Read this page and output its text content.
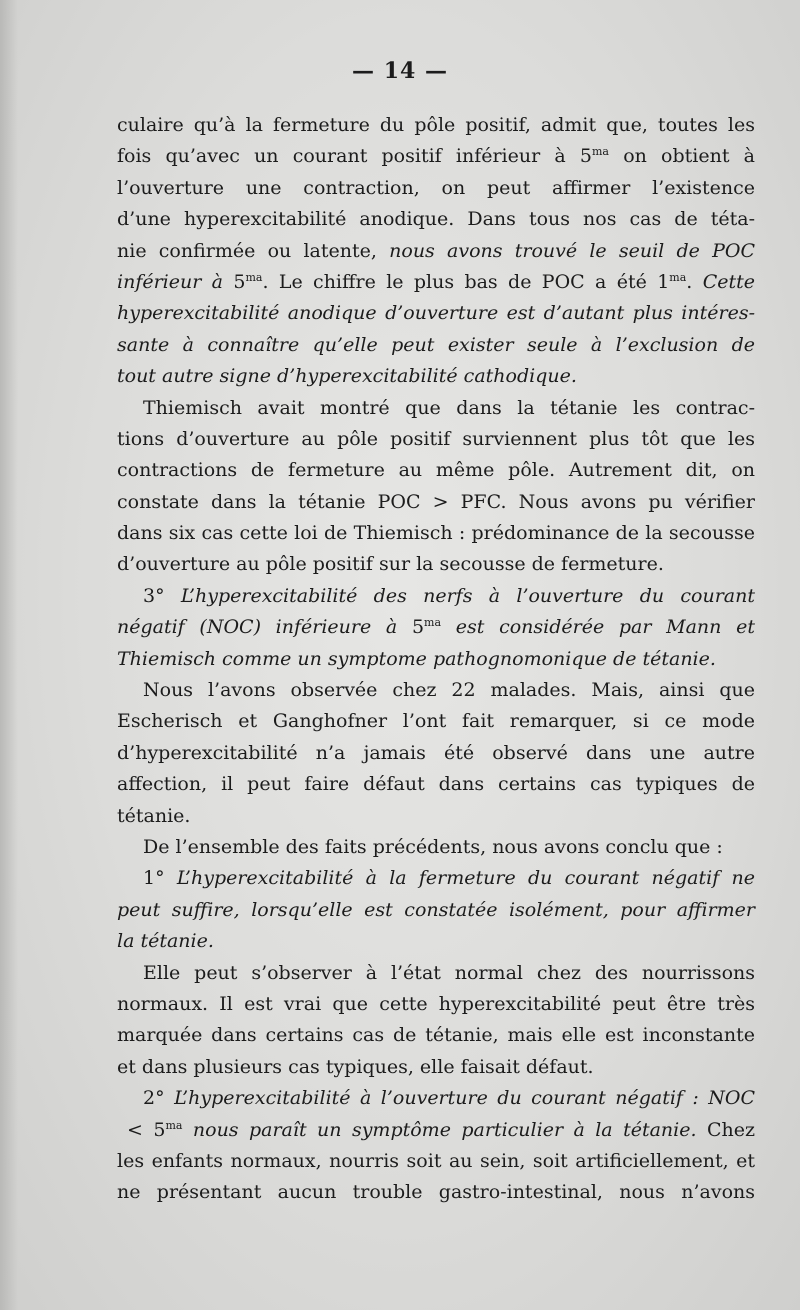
— 14 —
culaire qu’à la fermeture du pôle positif, admit que, toutes les
fois qu’avec un courant positif inférieur à $5^{ma}$ on obtient à
l’ouverture une contraction, on peut affirmer l’existence
d’une hyperexcitabilité anodique. Dans tous nos cas de téta-
nie confirmée ou latente, nous avons trouvé le seuil de POC
inférieur à $5^{ma}$. Le chiffre le plus bas de POC a été $1^{ma}$. Cette
hyperexcitabilité anodique d’ouverture est d’autant plus intéres-
sante à connaître qu’elle peut exister seule à l’exclusion de
tout autre signe d’hyperexcitabilité cathodique.
Thiemisch avait montré que dans la tétanie les contrac-
tions d’ouverture au pôle positif surviennent plus tôt que les
contractions de fermeture au même pôle. Autrement dit, on
constate dans la tétanie POC > PFC. Nous avons pu vérifier
dans six cas cette loi de Thiemisch : prédominance de la secousse
d’ouverture au pôle positif sur la secousse de fermeture.
3° L’hyperexcitabilité des nerfs à l’ouverture du courant
négatif (NOC) inférieure à $5^{ma}$ est considérée par Mann et
Thiemisch comme un symptome pathognomonique de tétanie.
Nous l’avons observée chez 22 malades. Mais, ainsi que
Escherisch et Ganghofner l’ont fait remarquer, si ce mode
d’hyperexcitabilité n’a jamais été observé dans une autre
affection, il peut faire défaut dans certains cas typiques de
tétanie.
De l’ensemble des faits précédents, nous avons conclu que :
1° L’hyperexcitabilité à la fermeture du courant négatif ne
peut suffire, lorsqu’elle est constatée isolément, pour affirmer
la tétanie.
Elle peut s’observer à l’état normal chez des nourrissons
normaux. Il est vrai que cette hyperexcitabilité peut être très
marquée dans certains cas de tétanie, mais elle est inconstante
et dans plusieurs cas typiques, elle faisait défaut.
2° L’hyperexcitabilité à l’ouverture du courant négatif : NOC
< $5^{ma}$ nous paraît un symptôme particulier à la tétanie. Chez
les enfants normaux, nourris soit au sein, soit artificiellement, et
ne présentant aucun trouble gastro-intestinal, nous n’avons
